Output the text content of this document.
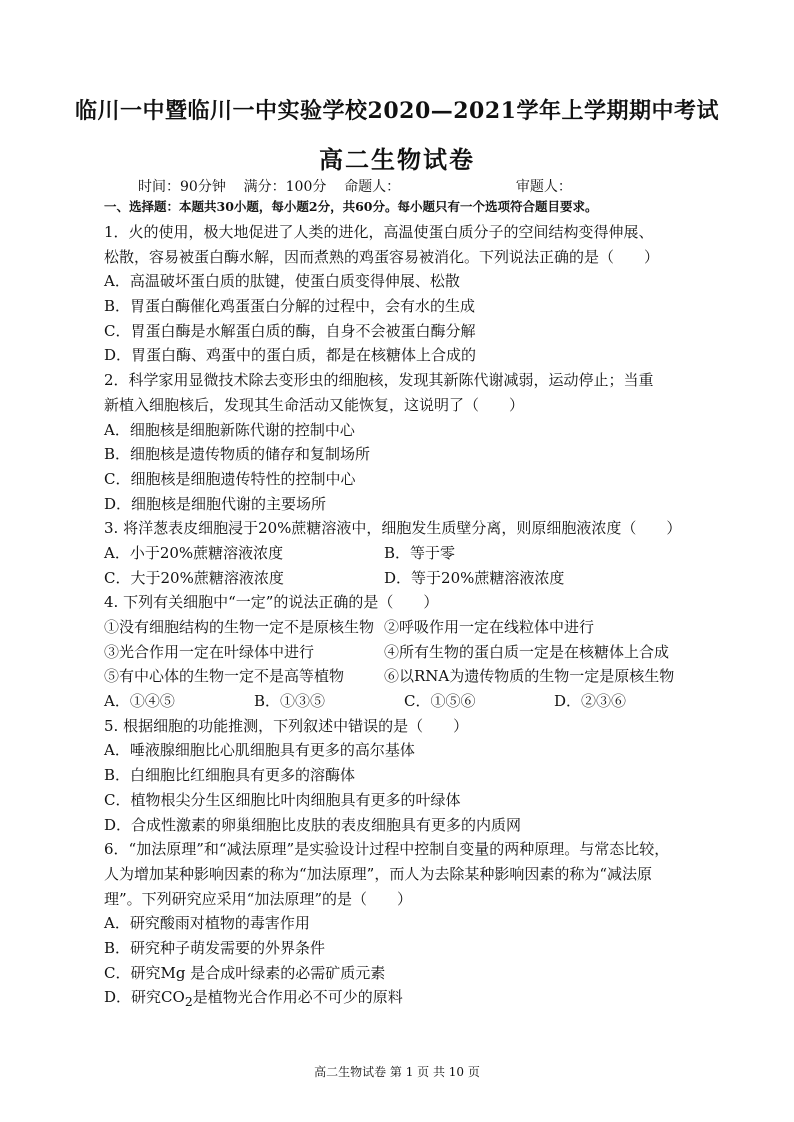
临川一中暨临川一中实验学校2020—2021学年上学期期中考试
高二生物试卷
时间：90分钟 满分：100分 命题人：	审题人：
一、选择题：本题共30小题，每小题2分，共60分。每小题只有一个选项符合题目要求。
1．火的使用，极大地促进了人类的进化，高温使蛋白质分子的空间结构变得伸展、
松散，容易被蛋白酶水解，因而煮熟的鸡蛋容易被消化。下列说法正确的是（　　）
A．高温破坏蛋白质的肽键，使蛋白质变得伸展、松散
B．胃蛋白酶催化鸡蛋蛋白分解的过程中，会有水的生成
C．胃蛋白酶是水解蛋白质的酶，自身不会被蛋白酶分解
D．胃蛋白酶、鸡蛋中的蛋白质，都是在核糖体上合成的
2．科学家用显微技术除去变形虫的细胞核，发现其新陈代谢减弱，运动停止；当重
新植入细胞核后，发现其生命活动又能恢复，这说明了（　　）
A．细胞核是细胞新陈代谢的控制中心
B．细胞核是遗传物质的储存和复制场所
C．细胞核是细胞遗传特性的控制中心
D．细胞核是细胞代谢的主要场所
3. 将洋葱表皮细胞浸于20%蔗糖溶液中，细胞发生质壁分离，则原细胞液浓度（　　）
A．小于20%蔗糖溶液浓度	B．等于零
C．大于20%蔗糖溶液浓度	D．等于20%蔗糖溶液浓度
4. 下列有关细胞中“一定”的说法正确的是（　　）
①没有细胞结构的生物一定不是原核生物 ②呼吸作用一定在线粒体中进行
③光合作用一定在叶绿体中进行	④所有生物的蛋白质一定是在核糖体上合成
⑤有中心体的生物一定不是高等植物	⑥以RNA为遗传物质的生物一定是原核生物
A．①④⑤	B．①③⑤	C．①⑤⑥	D．②③⑥
5. 根据细胞的功能推测，下列叙述中错误的是（　　）
A．唾液腺细胞比心肌细胞具有更多的高尔基体
B．白细胞比红细胞具有更多的溶酶体
C．植物根尖分生区细胞比叶肉细胞具有更多的叶绿体
D．合成性激素的卵巢细胞比皮肤的表皮细胞具有更多的内质网
6．“加法原理”和“减法原理”是实验设计过程中控制自变量的两种原理。与常态比较，
人为增加某种影响因素的称为“加法原理”，而人为去除某种影响因素的称为“减法原
理”。下列研究应采用“加法原理”的是（　　）
A．研究酸雨对植物的毒害作用
B．研究种子萌发需要的外界条件
C．研究Mg 是合成叶绿素的必需矿质元素
D．研究$CO_2$是植物光合作用必不可少的原料
高二生物试卷 第 1 页 共 10 页
